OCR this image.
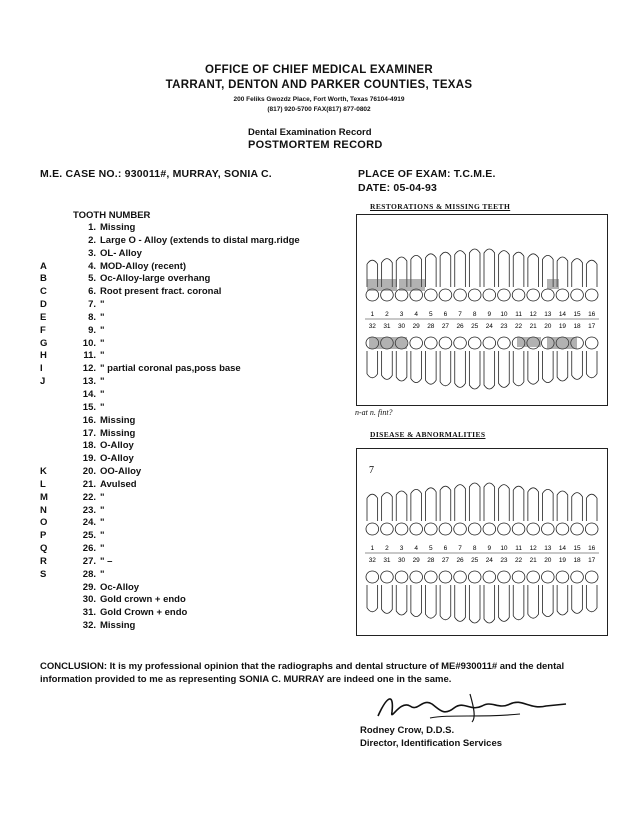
OFFICE OF CHIEF MEDICAL EXAMINER
TARRANT, DENTON AND PARKER COUNTIES, TEXAS
200 Feliks Gwozdz Place, Fort Worth, Texas 76104-4919
(817) 920-5700 FAX(817) 877-0802
Dental Examination Record
POSTMORTEM RECORD
M.E. CASE NO.: 930011#, MURRAY, SONIA C.	PLACE OF EXAM: T.C.M.E.
DATE: 05-04-93
TOOTH NUMBER
1. Missing
2. Large O - Alloy (extends to distal marg.ridge
3. OL- Alloy
A	4. MOD-Alloy (recent)
B	5. Oc-Alloy-large overhang
C	6. Root present fract. coronal
D	7. "
E	8. "
F	9. "
G	10. "
H	11. "
I	12. " partial coronal pas,poss base
J	13. "
14. "
15. "
16. Missing
17. Missing
18. O-Alloy
19. O-Alloy
K	20. OO-Alloy
L	21. Avulsed
M	22. "
N	23. "
O	24. "
P	25. "
Q	26. "
R	27. " –
S	28. "
29. Oc-Alloy
30. Gold crown + endo
31. Gold Crown + endo
32. Missing
RESTORATIONS & MISSING TEETH
1 2 3 4 5 6 7 8 9 10 11 12 13 14 15 16
32 31 30 29 28 27 26 25 24 23 22 21 20 19 18 17
n-at n. fint?
DISEASE & ABNORMALITIES
1 2 3 4 5 6 7 8 9 10 11 12 13 14 15 16
32 31 30 29 28 27 26 25 24 23 22 21 20 19 18 17
7
CONCLUSION: It is my professional opinion that the radiographs and dental structure of ME#930011# and the dental information provided to me as representing SONIA C. MURRAY are indeed one in the same.
Rodney Crow, D.D.S.
Director, Identification Services
